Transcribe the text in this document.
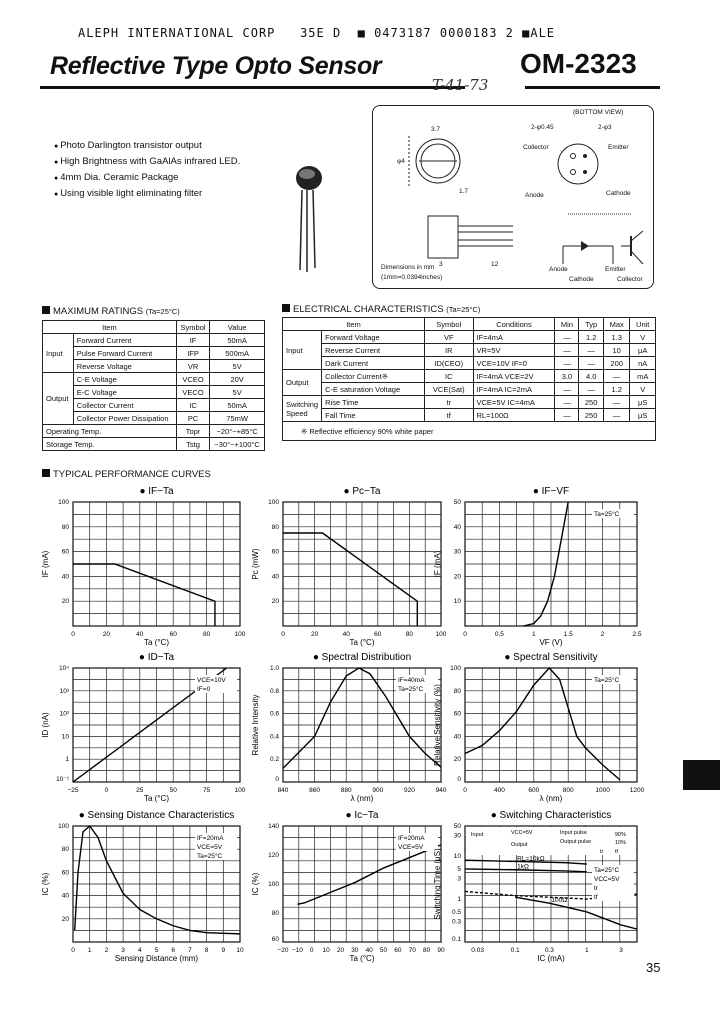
ALEPH INTERNATIONAL CORP   35E D  ■ 0473187 0000183 2 ■ALE
Reflective Type Opto Sensor	OM-2323
T-41-73
● Photo Darlington transistor output
● High Brightness with GaAlAs infrared LED.
● 4mm Dia. Ceramic Package
● Using visible light eliminating filter
(BOTTOM VIEW)
3.7
φ4
1.7
3	12
2-φ0.45	2-φ3
Collector	Emitter
Anode	Cathode
Dimensions in mm
(1mm=0.0394inches)
Anode
Cathode
Emitter
Collector
MAXIMUM RATINGS (Ta=25°C)
Item		Symbol	Value
Input	Forward Current	IF	50mA
	Pulse Forward Current	IFP	500mA
	Reverse Voltage	VR	5V
Output	C-E Voltage	VCEO	20V
	E-C Voltage	VECO	5V
	Collector Current	IC	50mA
	Collector Power Dissipation	PC	75mW
Operating Temp.		Topr	−20°~+85°C
Storage Temp.		Tstg	−30°~+100°C
ELECTRICAL CHARACTERISTICS (Ta=25°C)
Item		Symbol	Conditions	Min	Typ	Max	Unit
Input	Forward Voltage	VF	IF=4mA	—	1.2	1.3	V
	Reverse Current	IR	VR=5V	—	—	10	μA
	Dark Current	ID(CEO)	VCE=10V IF=0	—	—	200	nA
Output	Collector Current※	IC	IF=4mA VCE=2V	3.0	4.0	—	mA
	C-E saturation Voltage	VCE(Sat)	IF=4mA IC=2mA	—	—	1.2	V
Switching Speed	Rise Time	tr	VCE=5V IC=4mA	—	250	—	μS
	Fall Time	tf	RL=100Ω	—	250	—	μS
※ Reflective efficiency 90% white paper							
TYPICAL PERFORMANCE CURVES
● IF−Ta
0	20	40	60	80	100
20
40
60
80
100
Ta (°C)
IF (mA)
● Pc−Ta
0	20	40	60	80	100
20
40
60
80
100
Ta (°C)
Pc (mW)
● IF−VF
0	0.5	1	1.5	2	2.5
10
20
30
40
50
VF (V)
IF (mA)
Ta=25°C
● ID−Ta
−25	0	25	50	75	100
10⁻¹
1
10
10²
10³
10⁴
Ta (°C)
ID (nA)
VCE=10V
IF=0
● Spectral Distribution
840	860	880	900	920	940
0
0.2
0.4
0.6
0.8
1.0
λ (nm)
Relative Intensity
IF=40mA
Ta=25°C
● Spectral Sensitivity
0	400	600	800	1000	1200
0
20
40
60
80
100
λ (nm)
Relative Sensitivity (%)
Ta=25°C
● Sensing Distance Characteristics
0 1 2 3 4 5 6 7 8 9 10
20
40
60
80
100
Sensing Distance (mm)
IC (%)
IF=20mA
VCE=5V
Ta=25°C
● Ic−Ta
−20 −10 0 10 20 30 40 50 60 70 80 90
60
80
100
120
140
Ta (°C)
IC (%)
IF=20mA
VCE=5V
● Switching Characteristics
0.03	0.1	0.3	1	3
0.1
0.3
0.5
1
3
5
10
30
50
IC (mA)
Switching Time (μS)
Input	VCC=5V	Input pulse
Output pulse
Output
90%
10%
tr tf
Ta=25°C
VCC=5V
tr
tf
RL=10kΩ
1kΩ
100Ω
35
